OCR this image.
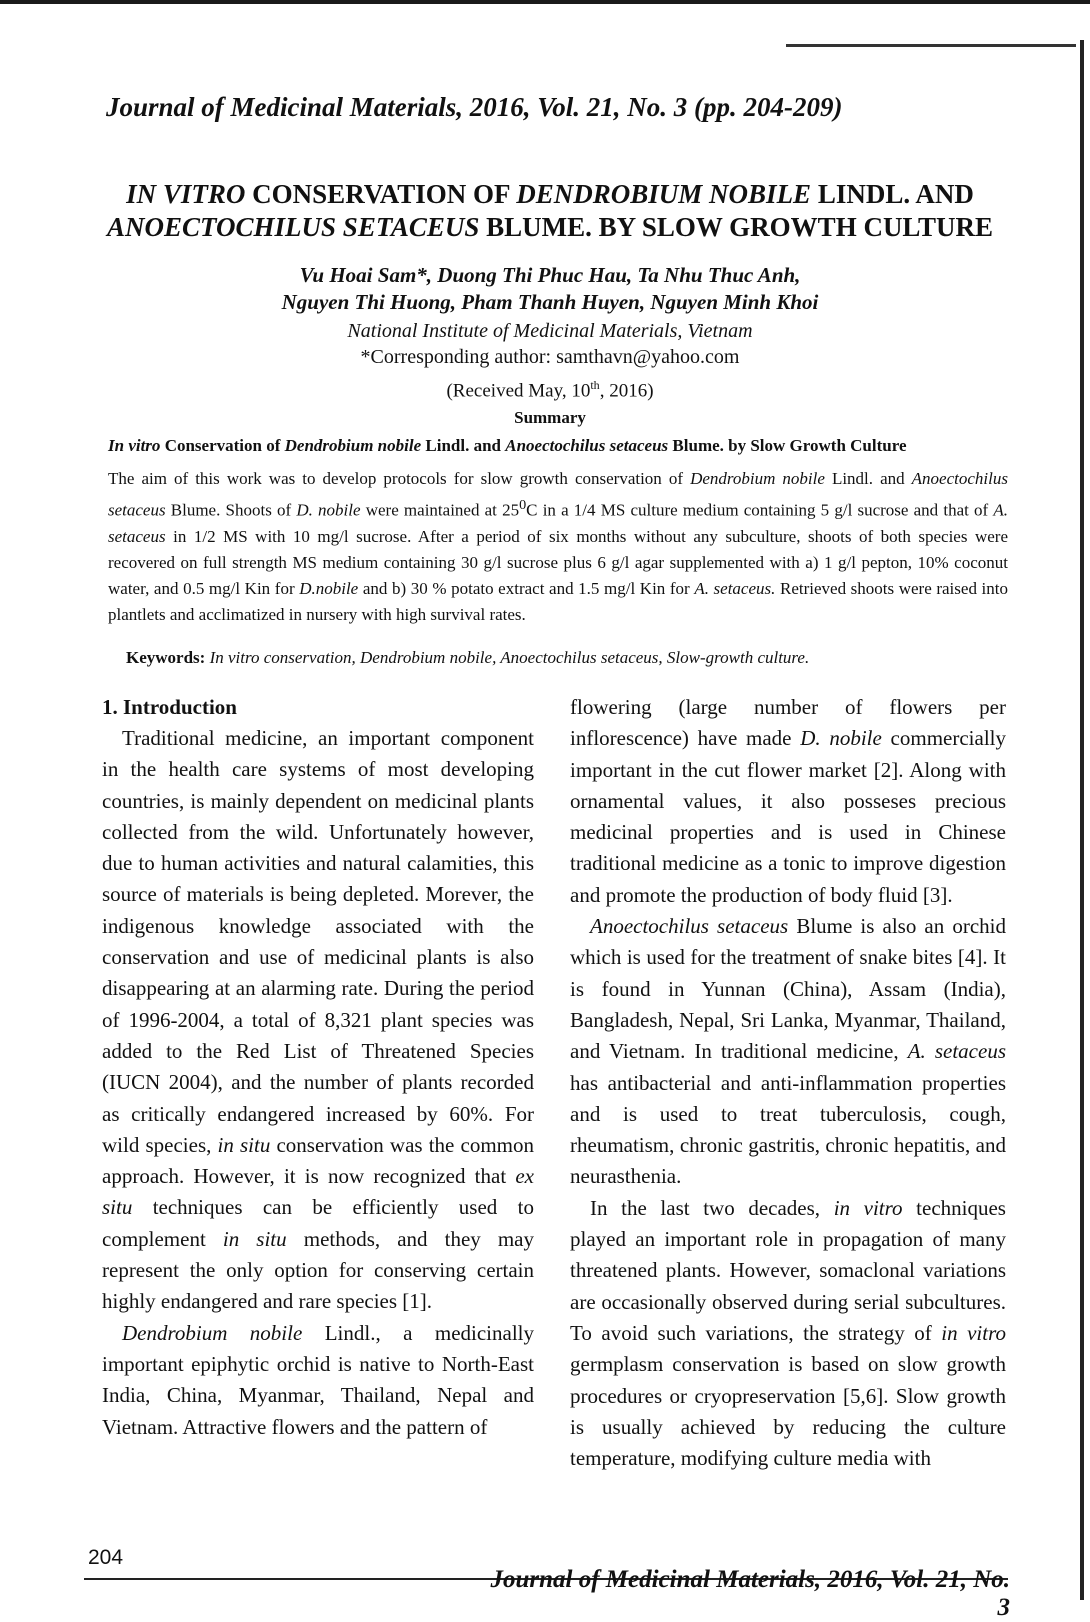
Journal of Medicinal Materials, 2016, Vol. 21, No. 3 (pp. 204-209)
IN VITRO CONSERVATION OF DENDROBIUM NOBILE LINDL. AND
ANOECTOCHILUS SETACEUS BLUME. BY SLOW GROWTH CULTURE
Vu Hoai Sam*, Duong Thi Phuc Hau, Ta Nhu Thuc Anh,
Nguyen Thi Huong, Pham Thanh Huyen, Nguyen Minh Khoi
National Institute of Medicinal Materials, Vietnam
*Corresponding author: samthavn@yahoo.com
(Received May, 10th, 2016)
Summary
In vitro Conservation of Dendrobium nobile Lindl. and Anoectochilus setaceus Blume. by Slow Growth Culture
The aim of this work was to develop protocols for slow growth conservation of Dendrobium nobile Lindl. and Anoectochilus setaceus Blume. Shoots of D. nobile were maintained at $25^0C$ in a 1/4 MS culture medium containing 5 g/l sucrose and that of A. setaceus in 1/2 MS with 10 mg/l sucrose. After a period of six months without any subculture, shoots of both species were recovered on full strength MS medium containing 30 g/l sucrose plus 6 g/l agar supplemented with a) 1 g/l pepton, 10% coconut water, and 0.5 mg/l Kin for D.nobile and b) 30 % potato extract and 1.5 mg/l Kin for A. setaceus. Retrieved shoots were raised into plantlets and acclimatized in nursery with high survival rates.
Keywords: In vitro conservation, Dendrobium nobile, Anoectochilus setaceus, Slow-growth culture.
1. Introduction

Traditional medicine, an important component in the health care systems of most developing countries, is mainly dependent on medicinal plants collected from the wild. Unfortunately however, due to human activities and natural calamities, this source of materials is being depleted. Morever, the indigenous knowledge associated with the conservation and use of medicinal plants is also disappearing at an alarming rate. During the period of 1996-2004, a total of 8,321 plant species was added to the Red List of Threatened Species (IUCN 2004), and the number of plants recorded as critically endangered increased by 60%. For wild species, in situ conservation was the common approach. However, it is now recognized that ex situ techniques can be efficiently used to complement in situ methods, and they may represent the only option for conserving certain highly endangered and rare species [1].

Dendrobium nobile Lindl., a medicinally important epiphytic orchid is native to North-East India, China, Myanmar, Thailand, Nepal and Vietnam. Attractive flowers and the pattern of

flowering (large number of flowers per inflorescence) have made D. nobile commercially important in the cut flower market [2]. Along with ornamental values, it also posseses precious medicinal properties and is used in Chinese traditional medicine as a tonic to improve digestion and promote the production of body fluid [3].

Anoectochilus setaceus Blume is also an orchid which is used for the treatment of snake bites [4]. It is found in Yunnan (China), Assam (India), Bangladesh, Nepal, Sri Lanka, Myanmar, Thailand, and Vietnam. In traditional medicine, A. setaceus has antibacterial and anti-inflammation properties and is used to treat tuberculosis, cough, rheumatism, chronic gastritis, chronic hepatitis, and neurasthenia.

In the last two decades, in vitro techniques played an important role in propagation of many threatened plants. However, somaclonal variations are occasionally observed during serial subcultures. To avoid such variations, the strategy of in vitro germplasm conservation is based on slow growth procedures or cryopreservation [5,6]. Slow growth is usually achieved by reducing the culture temperature, modifying culture media with

204
Journal of Medicinal Materials, 2016, Vol. 21, No. 3
